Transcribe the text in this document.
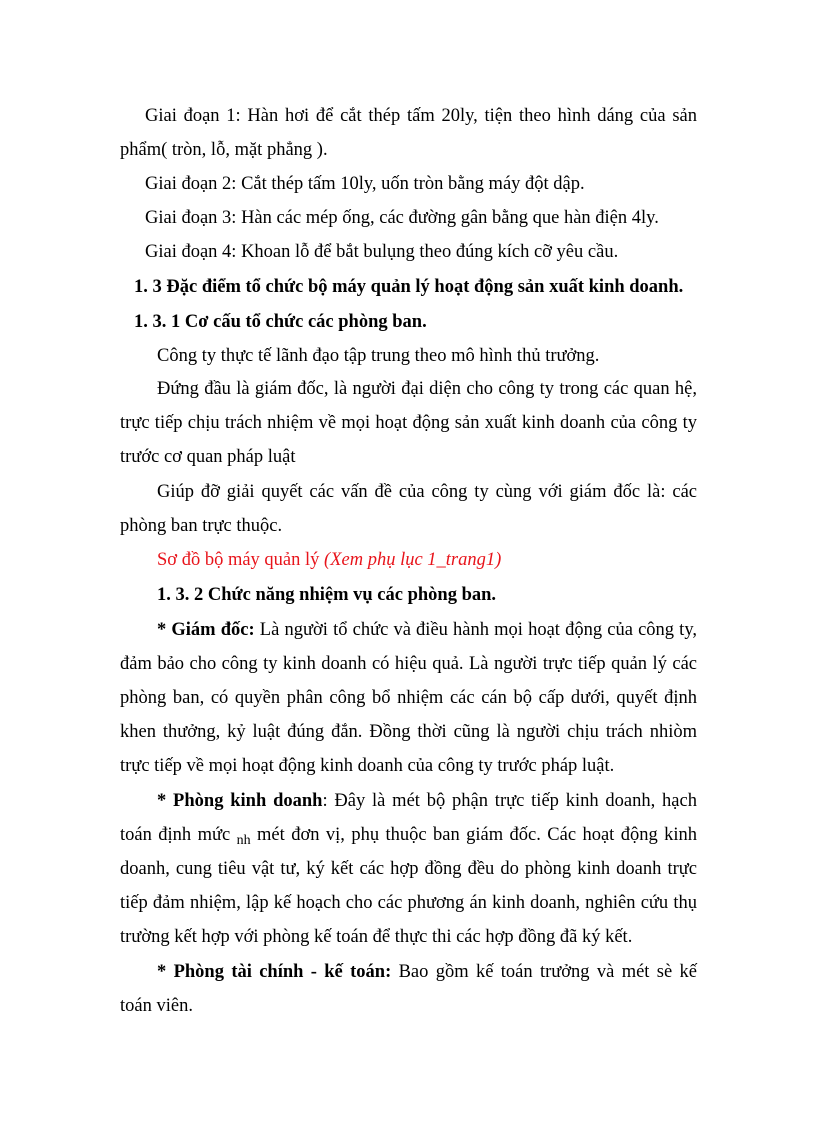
Giai đoạn 1: Hàn hơi để cắt thép tấm 20ly, tiện theo hình dáng của sản

phẩm( tròn, lỗ, mặt phẳng ).

Giai đoạn 2: Cắt thép tấm 10ly, uốn tròn bằng máy đột dập.

Giai đoạn 3: Hàn các mép ống, các đường gân bằng que hàn điện 4ly.

Giai đoạn 4: Khoan lỗ để bắt bulụng theo đúng kích cỡ yêu cầu.

1. 3 Đặc điểm tổ chức bộ máy quản lý hoạt động sản xuất kinh doanh.

1. 3. 1 Cơ cấu tổ chức các phòng ban.

Công ty thực tế lãnh đạo tập trung theo mô hình thủ trưởng.

Đứng đầu là giám đốc, là người đại diện cho công ty trong các quan hệ,

trực tiếp chịu trách nhiệm về mọi hoạt động sản xuất kinh doanh của công ty

trước cơ quan pháp luật

Giúp đỡ giải quyết các vấn đề của công ty cùng với giám đốc là: các

phòng ban trực thuộc.

Sơ đồ bộ máy quản lý (Xem phụ lục 1_trang1)

1. 3. 2 Chức năng nhiệm vụ các phòng ban.

* Giám đốc: Là người tổ chức và điều hành mọi hoạt động của công ty,

đảm bảo cho công ty kinh doanh có hiệu quả. Là người trực tiếp quản lý các

phòng ban, có quyền phân công bổ nhiệm các cán bộ cấp dưới, quyết định

khen thưởng, kỷ luật đúng đắn. Đồng thời cũng là người chịu trách nhiòm

trực tiếp về mọi hoạt động kinh doanh của công ty trước pháp luật.

* Phòng kinh doanh: Đây là mét bộ phận trực tiếp kinh doanh, hạch

toán định mức $_{nh}$ mét đơn vị, phụ thuộc ban giám đốc. Các hoạt động kinh

doanh, cung tiêu vật tư, ký kết các hợp đồng đều do phòng kinh doanh trực

tiếp đảm nhiệm, lập kế hoạch cho các phương án kinh doanh, nghiên cứu thụ

trường kết hợp với phòng kế toán để thực thi các hợp đồng đã ký kết.

* Phòng tài chính - kế toán: Bao gồm kế toán trưởng và mét sè kế

toán viên.
